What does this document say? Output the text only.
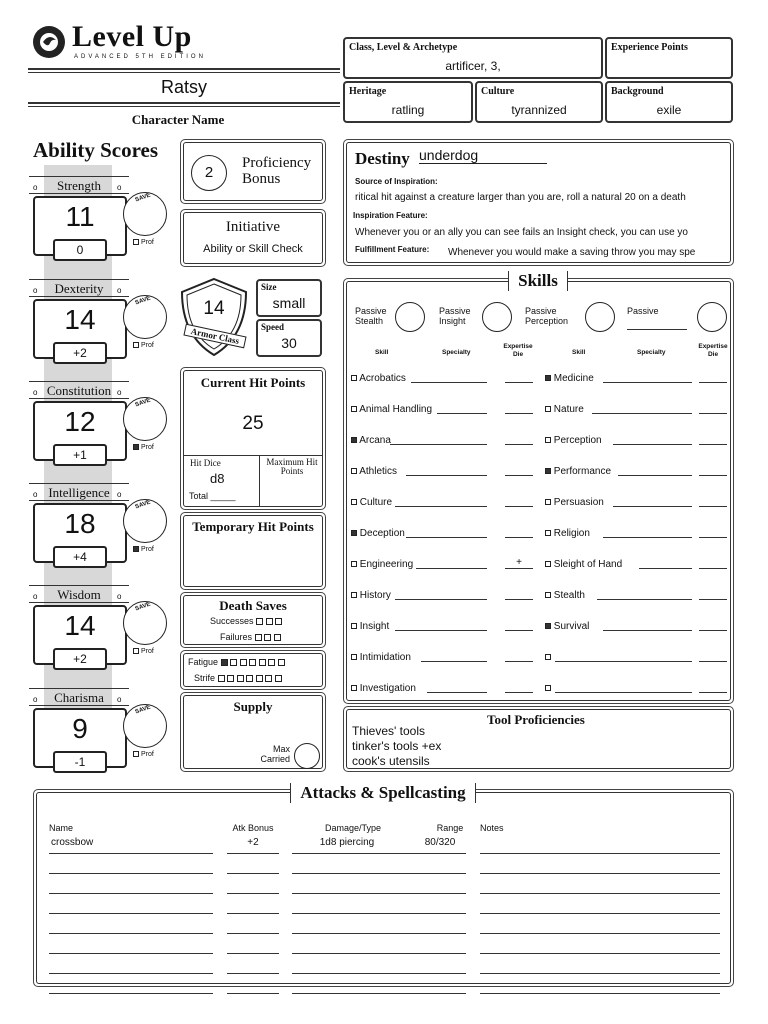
Level Up
ADVANCED 5TH EDITION
Ratsy
Character Name
Class, Level & Archetype
artificer, 3,
Experience Points
Heritage
ratling
Culture
tyrannized
Background
exile
Ability Scores
Strength
o	o
11
0
SAVE
Prof
Dexterity
o	o
14
+2
SAVE
Prof
Constitution
o	o
12
+1
SAVE
Prof
Intelligence
o	o
18
+4
SAVE
Prof
Wisdom
o	o
14
+2
SAVE
Prof
Charisma
o	o
9
-1
SAVE
Prof
2
Proficiency Bonus
Initiative
Ability or Skill Check
14
Armor Class
Size
small
Speed
30
Current Hit Points
25
Hit Dice
d8
Total _____
Maximum Hit Points
Temporary Hit Points
Death Saves
Successes
Failures
Fatigue
Strife
Supply
Max
Carried
Destiny underdog
Source of Inspiration:
ritical hit against a creature larger than you are, roll a natural 20 on a death
Inspiration Feature:
Whenever you or an ally you can see fails an Insight check, you can use yo
Fulfillment Feature: Whenever you would make a saving throw you may spe
Passive Stealth
Passive Insight
Passive Perception
Passive
Skill	Specialty
Expertise Die	Skill	Specialty
Expertise Die
Acrobatics
Animal Handling
Arcana
Athletics
Culture
Deception
Engineering	+
History
Insight
Intimidation
Investigation
Medicine
Nature
Perception
Performance
Persuasion
Religion
Sleight of Hand
Stealth
Survival
Skills
Tool Proficiencies
Thieves' tools
tinker's tools +ex
cook's utensils
Name	Atk Bonus	Damage/Type	Range	Notes
crossbow	+2	1d8 piercing	80/320
Attacks & Spellcasting
